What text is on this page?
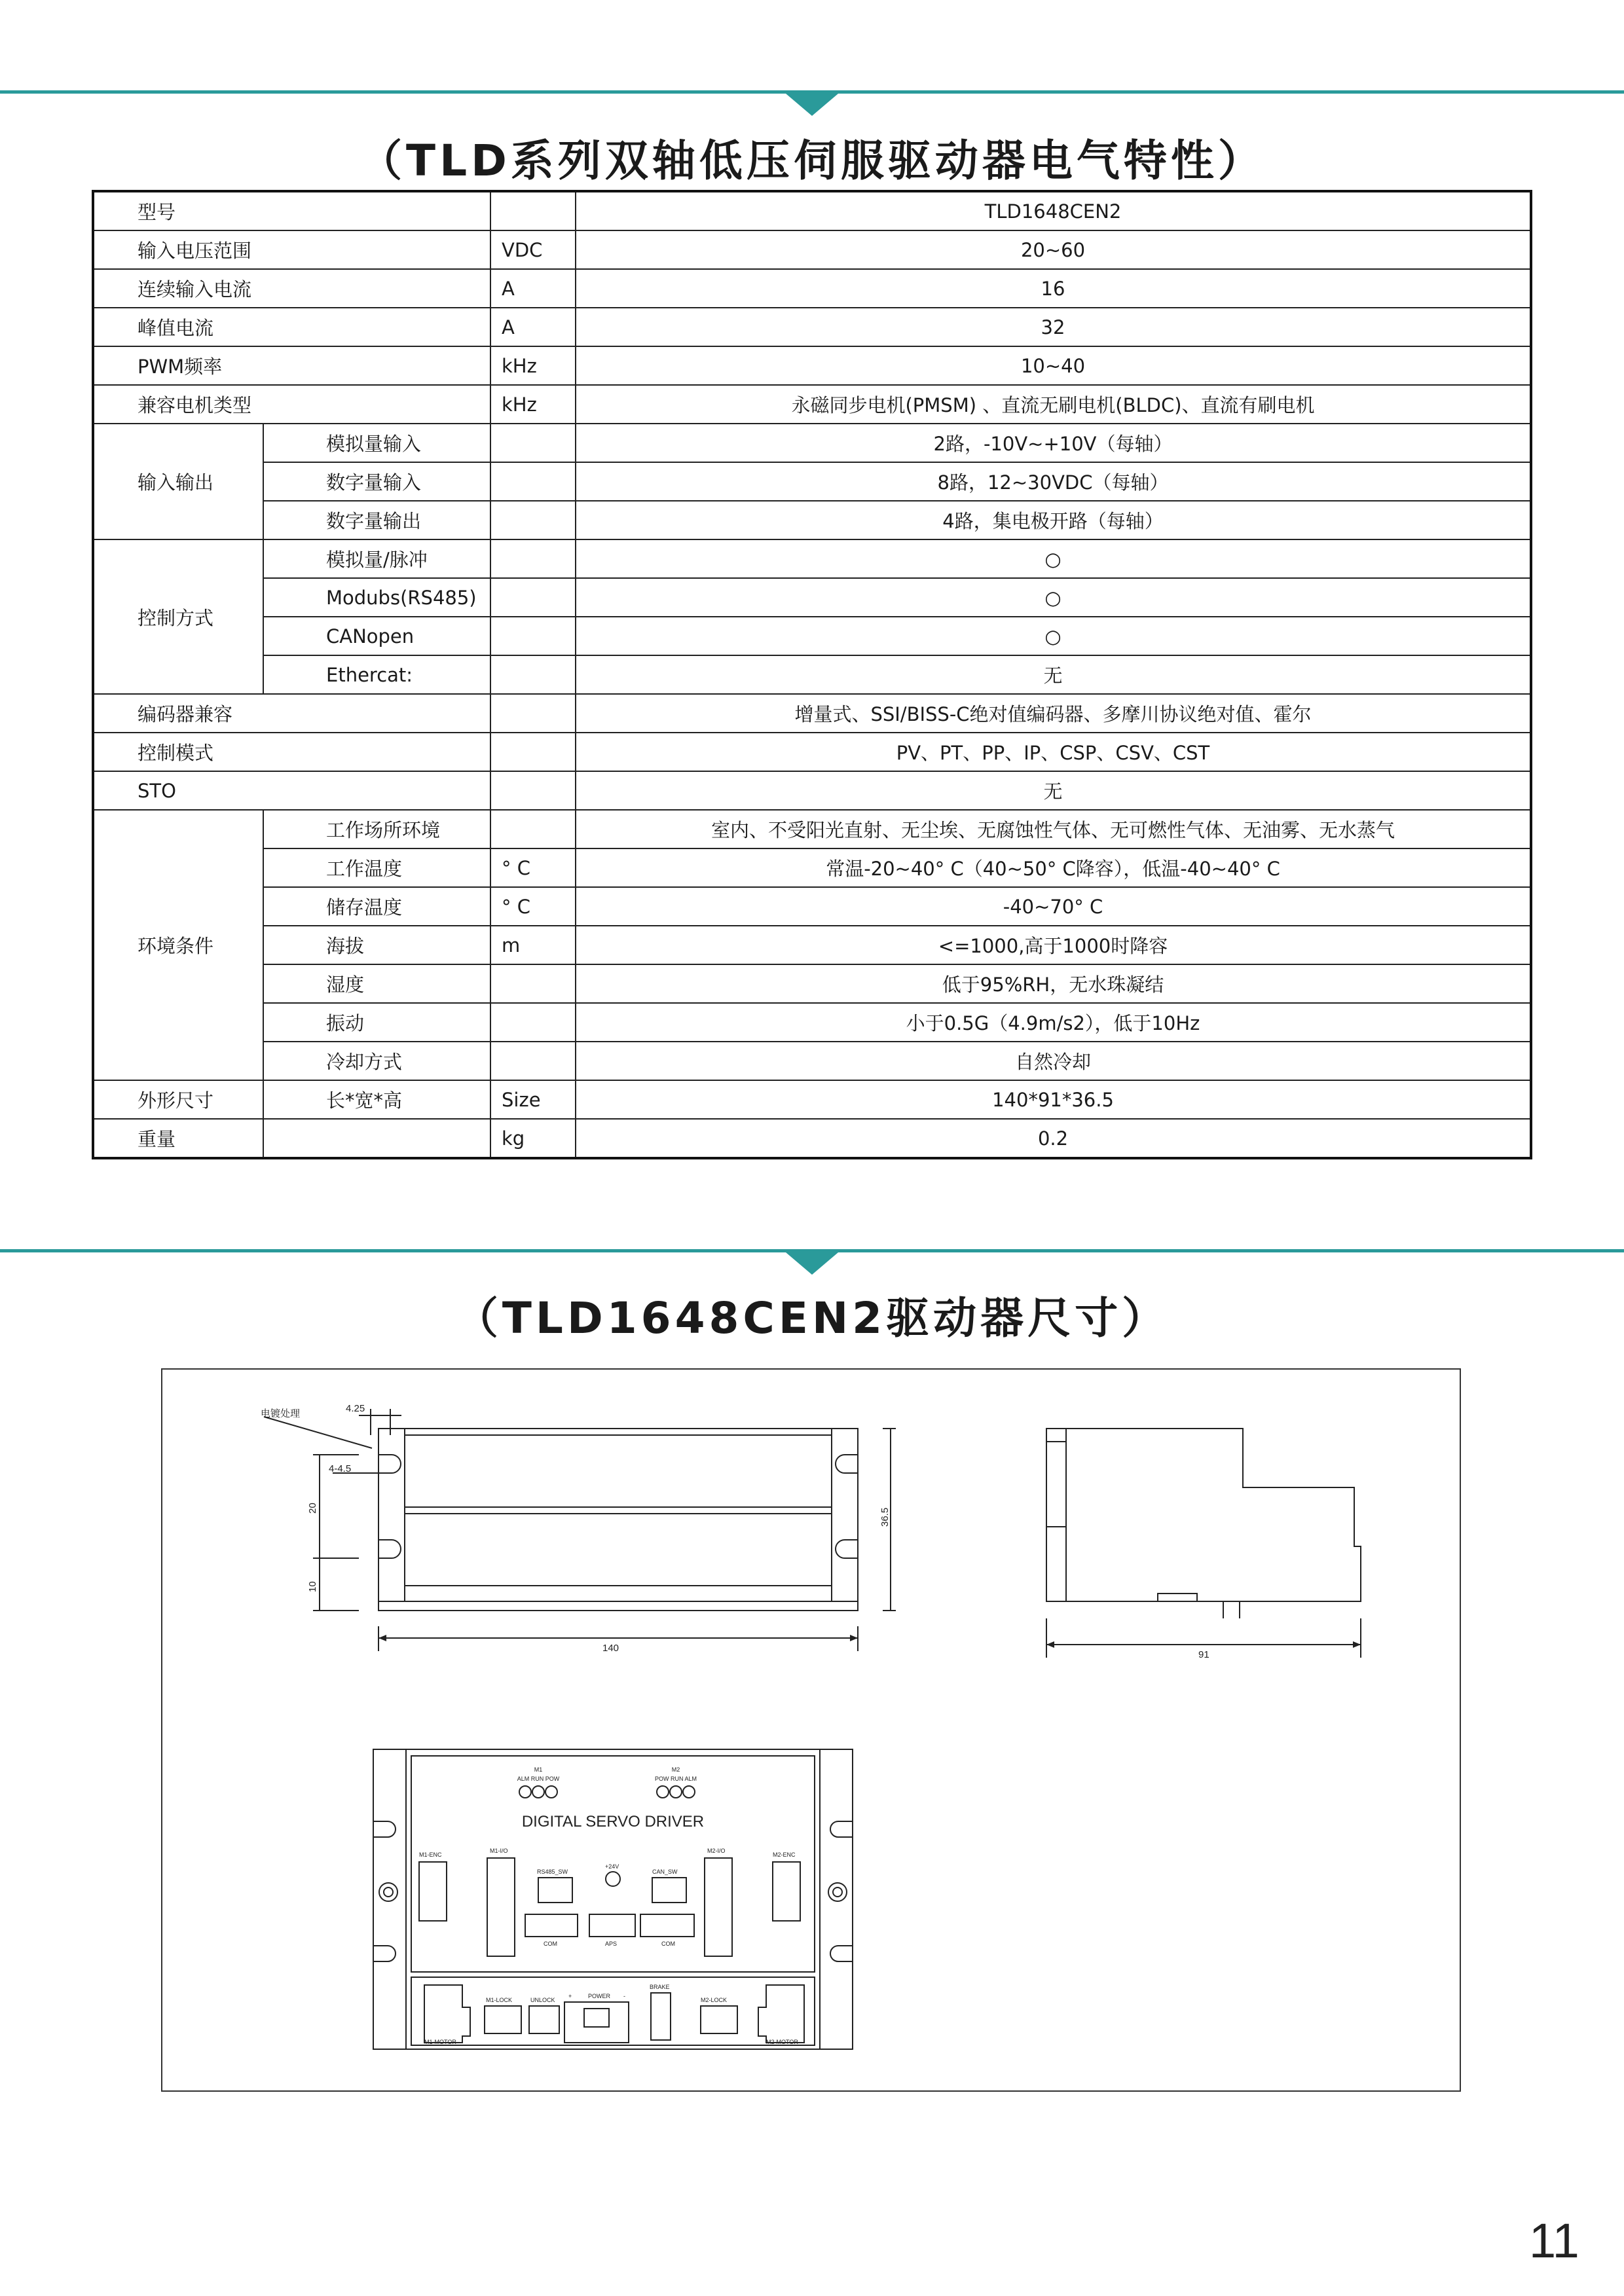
（TLD系列双轴低压伺服驱动器电气特性）
型号			TLD1648CEN2
输入电压范围		VDC	20~60
连续输入电流		A	16
峰值电流		A	32
PWM频率		kHz	10~40
兼容电机类型		kHz	永磁同步电机(PMSM) 、直流无刷电机(BLDC)、直流有刷电机
输入输出	模拟量输入		2路，-10V~+10V（每轴）
	数字量输入		8路，12~30VDC（每轴）
	数字量输出		4路，集电极开路（每轴）
控制方式	模拟量/脉冲		○
	Modubs(RS485)		○
	CANopen		○
	Ethercat:		无
编码器兼容			增量式、SSI/BISS-C绝对值编码器、多摩川协议绝对值、霍尔
控制模式			PV、PT、PP、IP、CSP、CSV、CST
STO			无
环境条件	工作场所环境		室内、不受阳光直射、无尘埃、无腐蚀性气体、无可燃性气体、无油雾、无水蒸气
	工作温度	° C	常温-20~40° C（40~50° C降容），低温-40~40° C
	储存温度	° C	-40~70° C
	海拔	m	<=1000,高于1000时降容
	湿度		低于95%RH，无水珠凝结
	振动		小于0.5G（4.9m/s2），低于10Hz
	冷却方式		自然冷却
外形尺寸	长*宽*高	Size	140*91*36.5
重量		kg	0.2
（TLD1648CEN2驱动器尺寸）
电镀处理	4.25
4-4.5
20
10
140
36.5
91
DIGITAL SERVO DRIVER
ALM RUN POW	POW RUN ALM
M1	M2
M1-ENC
M1-I/O	M2-I/O
M2-ENC
RS485_SW
+24V
CAN_SW
COM	APS	COM
M1-LOCK	UNLOCK
POWER
+	-
BRAKE
M2-LOCK
M1-MOTOR	M2-MOTOR
11
